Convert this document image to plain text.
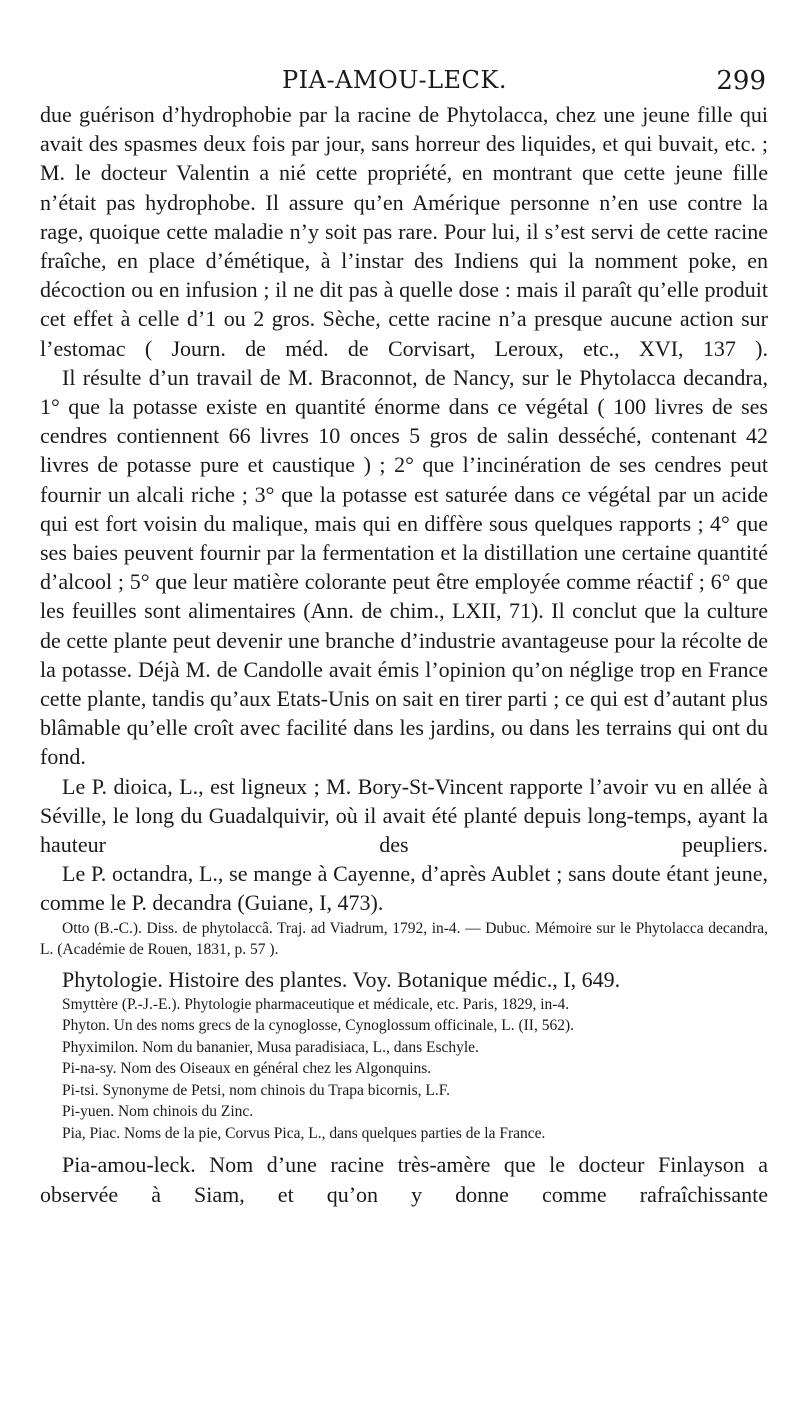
PIA-AMOU-LECK.	299

due guérison d’hydrophobie par la racine de Phytolacca, chez une jeune fille qui avait des spasmes deux fois par jour, sans horreur des liquides, et qui buvait, etc. ; M. le docteur Valentin a nié cette propriété, en montrant que cette jeune fille n’était pas hydrophobe. Il assure qu’en Amérique personne n’en use contre la rage, quoique cette maladie n’y soit pas rare. Pour lui, il s’est servi de cette racine fraîche, en place d’émétique, à l’instar des Indiens qui la nomment poke, en décoction ou en infusion ; il ne dit pas à quelle dose : mais il paraît qu’elle produit cet effet à celle d’1 ou 2 gros. Sèche, cette racine n’a presque aucune action sur l’estomac ( Journ. de méd. de Corvisart, Leroux, etc., XVI, 137 ).

Il résulte d’un travail de M. Braconnot, de Nancy, sur le Phytolacca decandra, 1° que la potasse existe en quantité énorme dans ce végétal ( 100 livres de ses cendres contiennent 66 livres 10 onces 5 gros de salin desséché, contenant 42 livres de potasse pure et caustique ) ; 2° que l’incinération de ses cendres peut fournir un alcali riche ; 3° que la potasse est saturée dans ce végétal par un acide qui est fort voisin du malique, mais qui en diffère sous quelques rapports ; 4° que ses baies peuvent fournir par la fermentation et la distillation une certaine quantité d’alcool ; 5° que leur matière colorante peut être employée comme réactif ; 6° que les feuilles sont alimentaires (Ann. de chim., LXII, 71). Il conclut que la culture de cette plante peut devenir une branche d’industrie avantageuse pour la récolte de la potasse. Déjà M. de Candolle avait émis l’opinion qu’on néglige trop en France cette plante, tandis qu’aux Etats-Unis on sait en tirer parti ; ce qui est d’autant plus blâmable qu’elle croît avec facilité dans les jardins, ou dans les terrains qui ont du fond.

Le P. dioica, L., est ligneux ; M. Bory-St-Vincent rapporte l’avoir vu en allée à Séville, le long du Guadalquivir, où il avait été planté depuis long-temps, ayant la hauteur des peupliers.

Le P. octandra, L., se mange à Cayenne, d’après Aublet ; sans doute étant jeune, comme le P. decandra (Guiane, I, 473).

Otto (B.-C.). Diss. de phytolaccâ. Traj. ad Viadrum, 1792, in-4. — Dubuc. Mémoire sur le Phytolacca decandra, L. (Académie de Rouen, 1831, p. 57 ).

Phytologie. Histoire des plantes. Voy. Botanique médic., I, 649.

Smyttère (P.-J.-E.). Phytologie pharmaceutique et médicale, etc. Paris, 1829, in-4.

Phyton. Un des noms grecs de la cynoglosse, Cynoglossum officinale, L. (II, 562).

Phyximilon. Nom du bananier, Musa paradisiaca, L., dans Eschyle.

Pi-na-sy. Nom des Oiseaux en général chez les Algonquins.

Pi-tsi. Synonyme de Petsi, nom chinois du Trapa bicornis, L.F.

Pi-yuen. Nom chinois du Zinc.

Pia, Piac. Noms de la pie, Corvus Pica, L., dans quelques parties de la France.

Pia-amou-leck. Nom d’une racine très-amère que le docteur Finlayson a observée à Siam, et qu’on y donne comme rafraîchissante
